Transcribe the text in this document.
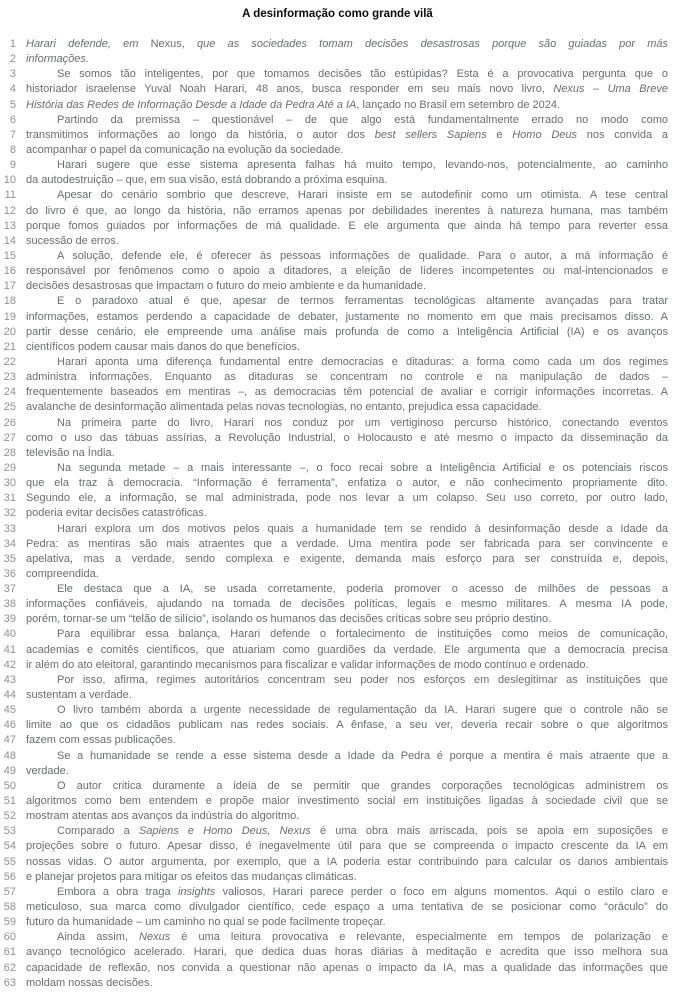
A desinformação como grande vilã
1 Harari defende, em Nexus, que as sociedades tomam decisões desastrosas porque são guiadas por más
2 informações.
3	Se somos tão inteligentes, por que tomamos decisões tão estúpidas? Esta é a provocativa pergunta que o
4 historiador israelense Yuval Noah Harari, 48 anos, busca responder em seu mais novo livro, Nexus – Uma Breve
5 História das Redes de Informação Desde a Idade da Pedra Até a IA, lançado no Brasil em setembro de 2024.
6	Partindo da premissa – questionável – de que algo está fundamentalmente errado no modo como
7 transmitimos informações ao longo da história, o autor dos best sellers Sapiens e Homo Deus nos convida a
8 acompanhar o papel da comunicação na evolução da sociedade.
9	Harari sugere que esse sistema apresenta falhas há muito tempo, levando-nos, potencialmente, ao caminho
10 da autodestruição – que, em sua visão, está dobrando a próxima esquina.
11	Apesar do cenário sombrio que descreve, Harari insiste em se autodefinir como um otimista. A tese central
12 do livro é que, ao longo da história, não erramos apenas por debilidades inerentes à natureza humana, mas também
13 porque fomos guiados por informações de má qualidade. E ele argumenta que ainda há tempo para reverter essa
14 sucessão de erros.
15	A solução, defende ele, é oferecer às pessoas informações de qualidade. Para o autor, a má informação é
16 responsável por fenômenos como o apoio a ditadores, a eleição de líderes incompetentes ou mal-intencionados e
17 decisões desastrosas que impactam o futuro do meio ambiente e da humanidade.
18	E o paradoxo atual é que, apesar de termos ferramentas tecnológicas altamente avançadas para tratar
19 informações, estamos perdendo a capacidade de debater, justamente no momento em que mais precisamos disso. A
20 partir desse cenário, ele empreende uma análise mais profunda de como a Inteligência Artificial (IA) e os avanços
21 científicos podem causar mais danos do que benefícios.
22	Harari aponta uma diferença fundamental entre democracias e ditaduras: a forma como cada um dos regimes
23 administra informações. Enquanto as ditaduras se concentram no controle e na manipulação de dados –
24 frequentemente baseados em mentiras –, as democracias têm potencial de avaliar e corrigir informações incorretas. A
25 avalanche de desinformação alimentada pelas novas tecnologias, no entanto, prejudica essa capacidade.
26	Na primeira parte do livro, Harari nos conduz por um vertiginoso percurso histórico, conectando eventos
27 como o uso das tábuas assírias, a Revolução Industrial, o Holocausto e até mesmo o impacto da disseminação da
28 televisão na Índia.
29	Na segunda metade – a mais interessante –, o foco recai sobre a Inteligência Artificial e os potenciais riscos
30 que ela traz à democracia. “Informação é ferramenta”, enfatiza o autor, e não conhecimento propriamente dito.
31 Segundo ele, a informação, se mal administrada, pode nos levar a um colapso. Seu uso correto, por outro lado,
32 poderia evitar decisões catastróficas.
33	Harari explora um dos motivos pelos quais a humanidade tem se rendido à desinformação desde a Idade da
34 Pedra: as mentiras são mais atraentes que a verdade. Uma mentira pode ser fabricada para ser convincente e
35 apelativa, mas a verdade, sendo complexa e exigente, demanda mais esforço para ser construída e, depois,
36 compreendida.
37	Ele destaca que a IA, se usada corretamente, poderia promover o acesso de milhões de pessoas a
38 informações confiáveis, ajudando na tomada de decisões políticas, legais e mesmo militares. A mesma IA pode,
39 porém, tornar-se um “telão de silício”, isolando os humanos das decisões críticas sobre seu próprio destino.
40	Para equilibrar essa balança, Harari defende o fortalecimento de instituições como meios de comunicação,
41 academias e comitês científicos, que atuariam como guardiões da verdade. Ele argumenta que a democracia precisa
42 ir além do ato eleitoral, garantindo mecanismos para fiscalizar e validar informações de modo contínuo e ordenado.
43	Por isso, afirma, regimes autoritários concentram seu poder nos esforços em deslegitimar as instituições que
44 sustentam a verdade.
45	O livro também aborda a urgente necessidade de regulamentação da IA. Harari sugere que o controle não se
46 limite ao que os cidadãos publicam nas redes sociais. A ênfase, a seu ver, deveria recair sobre o que algoritmos
47 fazem com essas publicações.
48	Se a humanidade se rende a esse sistema desde a Idade da Pedra é porque a mentira é mais atraente que a
49 verdade.
50	O autor critica duramente a ideia de se permitir que grandes corporações tecnológicas administrem os
51 algoritmos como bem entendem e propõe maior investimento social em instituições ligadas à sociedade civil que se
52 mostram atentas aos avanços da indústria do algoritmo.
53	Comparado a Sapiens e Homo Deus, Nexus é uma obra mais arriscada, pois se apoia em suposições e
54 projeções sobre o futuro. Apesar disso, é inegavelmente útil para que se compreenda o impacto crescente da IA em
55 nossas vidas. O autor argumenta, por exemplo, que a IA poderia estar contribuindo para calcular os danos ambientais
56 e planejar projetos para mitigar os efeitos das mudanças climáticas.
57	Embora a obra traga insights valiosos, Harari parece perder o foco em alguns momentos. Aqui o estilo claro e
58 meticuloso, sua marca como divulgador científico, cede espaço a uma tentativa de se posicionar como “oráculo” do
59 futuro da humanidade – um caminho no qual se pode facilmente tropeçar.
60	Ainda assim, Nexus é uma leitura provocativa e relevante, especialmente em tempos de polarização e
61 avanço tecnológico acelerado. Harari, que dedica duas horas diárias à meditação e acredita que isso melhora sua
62 capacidade de reflexão, nos convida a questionar não apenas o impacto da IA, mas a qualidade das informações que
63 moldam nossas decisões.
